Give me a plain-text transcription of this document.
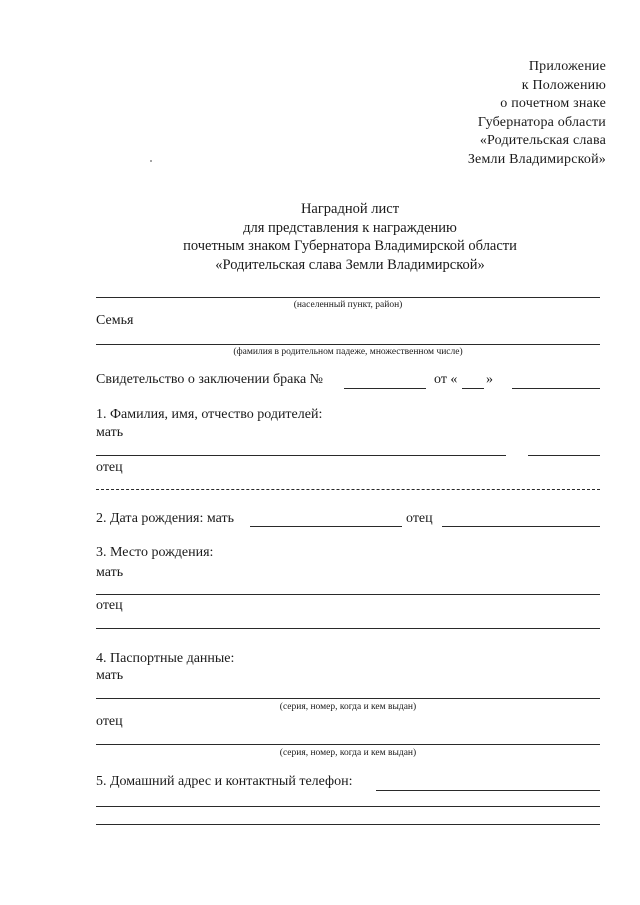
Приложение
к Положению
о почетном знаке
Губернатора области
«Родительская слава
Земли Владимирской»
Наградной лист
для представления к награждению
почетным знаком Губернатора Владимирской области
«Родительская слава Земли Владимирской»
(населенный пункт, район)
Семья
(фамилия в родительном падеже, множественном числе)
Свидетельство о заключении брака №	от « »
1. Фамилия, имя, отчество родителей:
мать
отец
2. Дата рождения: мать	отец
3. Место рождения:
мать
отец
4. Паспортные данные:
мать
(серия, номер, когда и кем выдан)
отец
(серия, номер, когда и кем выдан)
5. Домашний адрес и контактный телефон:
